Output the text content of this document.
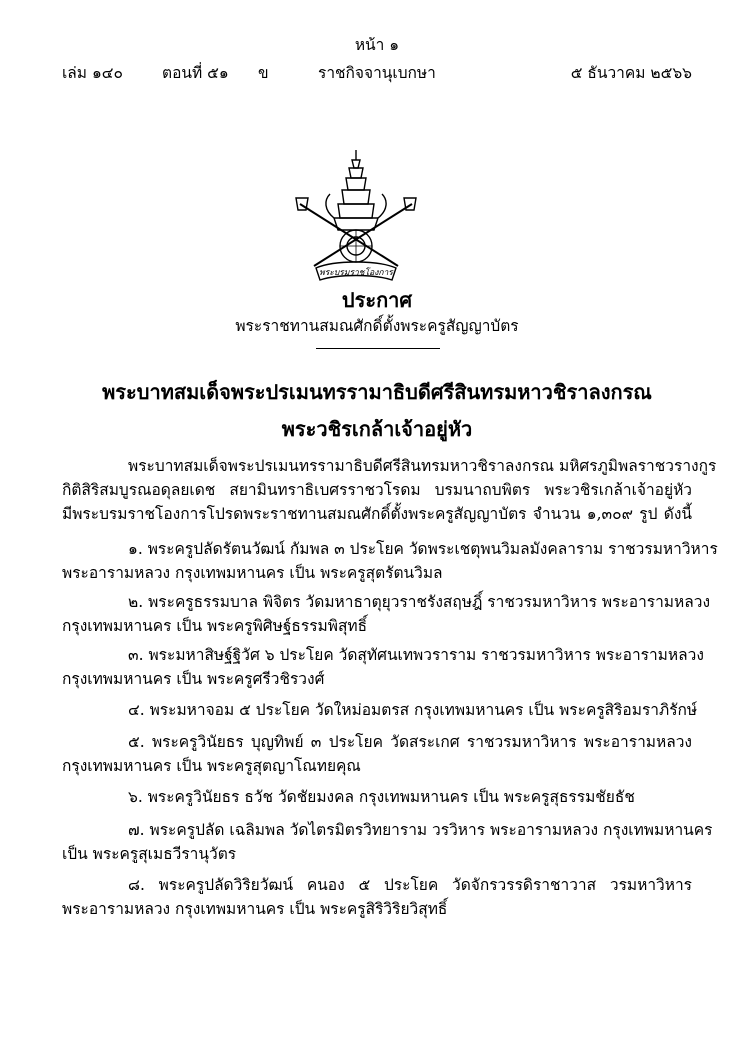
หน้า ๑
เล่ม ๑๔๐	ตอนที่ ๕๑ ข	ราชกิจจานุเบกษา	๕ ธันวาคม ๒๕๖๖
พระบรมราชโองการ
ประกาศ
พระราชทานสมณศักดิ์ตั้งพระครูสัญญาบัตร
พระบาทสมเด็จพระปรเมนทรรามาธิบดีศรีสินทรมหาวชิราลงกรณ
พระวชิรเกล้าเจ้าอยู่หัว
พระบาทสมเด็จพระปรเมนทรรามาธิบดีศรีสินทรมหาวชิราลงกรณ มหิศรภูมิพลราชวรางกูร
กิติสิริสมบูรณอดุลยเดช สยามินทราธิเบศรราชวโรดม บรมนาถบพิตร พระวชิรเกล้าเจ้าอยู่หัว
มีพระบรมราชโองการโปรดพระราชทานสมณศักดิ์ตั้งพระครูสัญญาบัตร จำนวน ๑,๓๐๙ รูป ดังนี้
๑. พระครูปลัดรัตนวัฒน์ กัมพล ๓ ประโยค วัดพระเชตุพนวิมลมังคลาราม ราชวรมหาวิหาร
พระอารามหลวง กรุงเทพมหานคร เป็น พระครูสุตรัตนวิมล
๒. พระครูธรรมบาล พิจิตร วัดมหาธาตุยุวราชรังสฤษฎิ์ ราชวรมหาวิหาร พระอารามหลวง
กรุงเทพมหานคร เป็น พระครูพิศิษฐ์ธรรมพิสุทธิ์
๓. พระมหาสิษฐ์ฐิวัศ ๖ ประโยค วัดสุทัศนเทพวราราม ราชวรมหาวิหาร พระอารามหลวง
กรุงเทพมหานคร เป็น พระครูศรีวชิรวงศ์
๔. พระมหาจอม ๕ ประโยค วัดใหม่อมตรส กรุงเทพมหานคร เป็น พระครูสิริอมราภิรักษ์
๕. พระครูวินัยธร บุญทิพย์ ๓ ประโยค วัดสระเกศ ราชวรมหาวิหาร พระอารามหลวง
กรุงเทพมหานคร เป็น พระครูสุตญาโณทยคุณ
๖. พระครูวินัยธร ธวัช วัดชัยมงคล กรุงเทพมหานคร เป็น พระครูสุธรรมชัยธัช
๗. พระครูปลัด เฉลิมพล วัดไตรมิตรวิทยาราม วรวิหาร พระอารามหลวง กรุงเทพมหานคร
เป็น พระครูสุเมธวีรานุวัตร
๘. พระครูปลัดวิริยวัฒน์ คนอง ๕ ประโยค วัดจักรวรรดิราชาวาส วรมหาวิหาร
พระอารามหลวง กรุงเทพมหานคร เป็น พระครูสิริวิริยวิสุทธิ์
